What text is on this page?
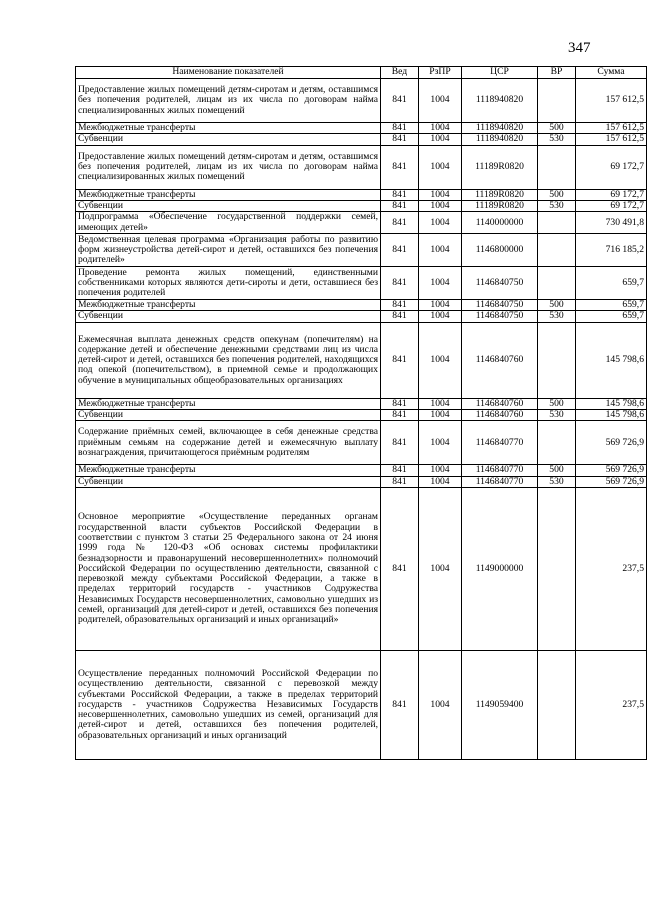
347
Наименование показателей	Вед	РзПР	ЦСР	ВР	Сумма
Предоставление жилых помещений детям-сиротам и детям, оставшимся без попечения родителей, лицам из их числа по договорам найма специализированных жилых помещений	841	1004	1118940820		157 612,5
Межбюджетные трансферты	841	1004	1118940820	500	157 612,5
Субвенции	841	1004	1118940820	530	157 612,5
Предоставление жилых помещений детям-сиротам и детям, оставшимся без попечения родителей, лицам из их числа по договорам найма специализированных жилых помещений	841	1004	11189R0820		69 172,7
Межбюджетные трансферты	841	1004	11189R0820	500	69 172,7
Субвенции	841	1004	11189R0820	530	69 172,7
Подпрограмма «Обеспечение государственной поддержки семей, имеющих детей»	841	1004	1140000000		730 491,8
Ведомственная целевая программа «Организация работы по развитию форм жизнеустройства детей-сирот и детей, оставшихся без попечения родителей»	841	1004	1146800000		716 185,2
Проведение ремонта жилых помещений, единственными собственниками которых являются дети-сироты и дети, оставшиеся без попечения родителей	841	1004	1146840750		659,7
Межбюджетные трансферты	841	1004	1146840750	500	659,7
Субвенции	841	1004	1146840750	530	659,7
Ежемесячная выплата денежных средств опекунам (попечителям) на содержание детей и обеспечение денежными средствами лиц из числа детей-сирот и детей, оставшихся без попечения родителей, находящихся под опекой (попечительством), в приемной семье и продолжающих обучение в муниципальных общеобразовательных организациях	841	1004	1146840760		145 798,6
Межбюджетные трансферты	841	1004	1146840760	500	145 798,6
Субвенции	841	1004	1146840760	530	145 798,6
Содержание приёмных семей, включающее в себя денежные средства приёмным семьям на содержание детей и ежемесячную выплату вознаграждения, причитающегося приёмным родителям	841	1004	1146840770		569 726,9
Межбюджетные трансферты	841	1004	1146840770	500	569 726,9
Субвенции	841	1004	1146840770	530	569 726,9
Основное мероприятие «Осуществление переданных органам государственной власти субъектов Российской Федерации в соответствии с пунктом 3 статьи 25 Федерального закона от 24 июня 1999 года № 120-ФЗ «Об основах системы профилактики безнадзорности и правонарушений несовершеннолетних» полномочий Российской Федерации по осуществлению деятельности, связанной с перевозкой между субъектами Российской Федерации, а также в пределах территорий государств - участников Содружества Независимых Государств несовершеннолетних, самовольно ушедших из семей, организаций для детей-сирот и детей, оставшихся без попечения родителей, образовательных организаций и иных организаций»	841	1004	1149000000		237,5
Осуществление переданных полномочий Российской Федерации по осуществлению деятельности, связанной с перевозкой между субъектами Российской Федерации, а также в пределах территорий государств - участников Содружества Независимых Государств несовершеннолетних, самовольно ушедших из семей, организаций для детей-сирот и детей, оставшихся без попечения родителей, образовательных организаций и иных организаций	841	1004	1149059400		237,5
